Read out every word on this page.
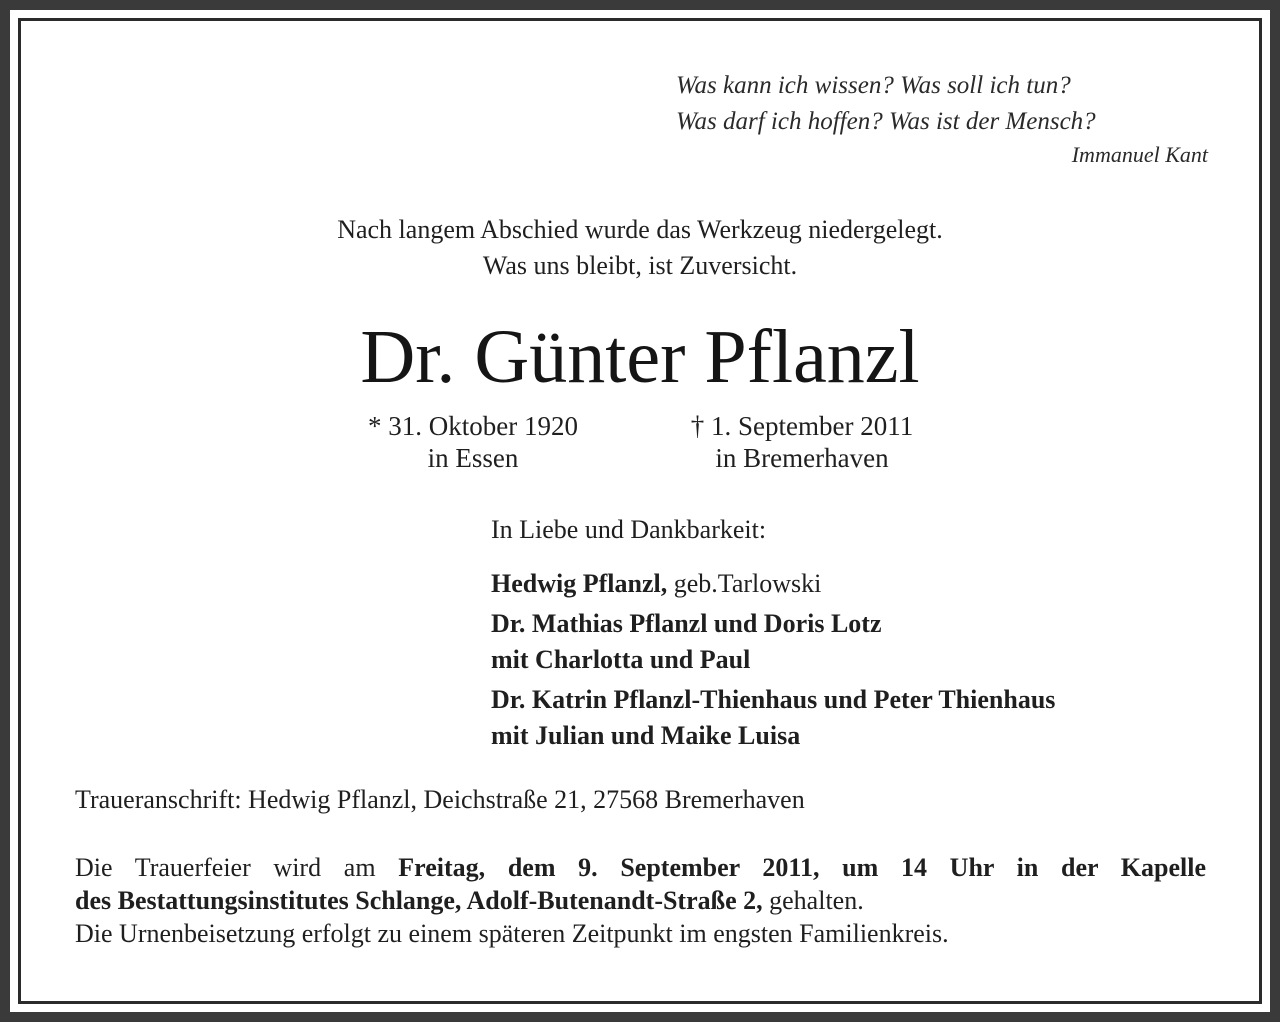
Was kann ich wissen? Was soll ich tun?
Was darf ich hoffen? Was ist der Mensch?
Immanuel Kant
Nach langem Abschied wurde das Werkzeug niedergelegt.
Was uns bleibt, ist Zuversicht.
Dr. Günter Pflanzl
* 31. Oktober 1920
in Essen
† 1. September 2011
in Bremerhaven
In Liebe und Dankbarkeit:
Hedwig Pflanzl, geb.Tarlowski
Dr. Mathias Pflanzl und Doris Lotz
mit Charlotta und Paul
Dr. Katrin Pflanzl-Thienhaus und Peter Thienhaus
mit Julian und Maike Luisa
Traueranschrift: Hedwig Pflanzl, Deichstraße 21, 27568 Bremerhaven
Die Trauerfeier wird am Freitag, dem 9. September 2011, um 14 Uhr in der Kapelle
des Bestattungsinstitutes Schlange, Adolf-Butenandt-Straße 2, gehalten.
Die Urnenbeisetzung erfolgt zu einem späteren Zeitpunkt im engsten Familienkreis.
